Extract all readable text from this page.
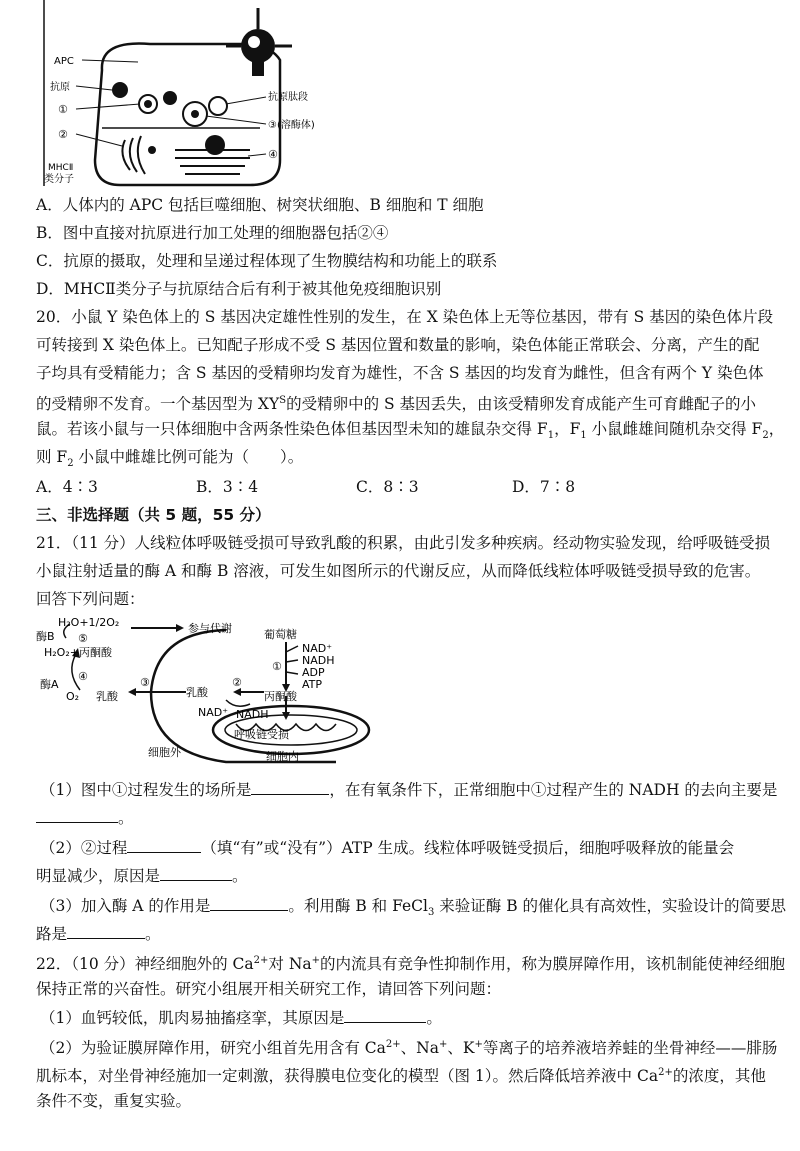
APC
抗原
①
②
MHCⅡ
类分子
抗原肽段
③(溶酶体)
④
A．人体内的 APC 包括巨噬细胞、树突状细胞、B 细胞和 T 细胞
B．图中直接对抗原进行加工处理的细胞器包括②④
C．抗原的摄取，处理和呈递过程体现了生物膜结构和功能上的联系
D．MHCⅡ类分子与抗原结合后有利于被其他免疫细胞识别
20．小鼠 Y 染色体上的 S 基因决定雄性性别的发生，在 X 染色体上无等位基因，带有 S 基因的染色体片段
可转接到 X 染色体上。已知配子形成不受 S 基因位置和数量的影响，染色体能正常联会、分离，产生的配
子均具有受精能力；含 S 基因的受精卵均发育为雄性，不含 S 基因的均发育为雌性，但含有两个 Y 染色体
的受精卵不发育。一个基因型为 $XY^S$的受精卵中的 S 基因丢失，由该受精卵发育成能产生可育雌配子的小
鼠。若该小鼠与一只体细胞中含两条性染色体但基因型未知的雄鼠杂交得 $F_1$，$F_1$ 小鼠雌雄间随机杂交得 $F_2$，
则 $F_2$ 小鼠中雌雄比例可能为（　　）。
A．4∶3	B．3∶4	C．8∶3	D．7∶8
三、非选择题（共 5 题，55 分）
21．（11 分）人线粒体呼吸链受损可导致乳酸的积累，由此引发多种疾病。经动物实验发现，给呼吸链受损
小鼠注射适量的酶 A 和酶 B 溶液，可发生如图所示的代谢反应，从而降低线粒体呼吸链受损导致的危害。
回答下列问题：
酶B
H₂O+1/2O₂
⑤
H₂O₂+丙酮酸
参与代谢	葡萄糖
NAD⁺
NADH
ADP
ATP
①
酶A
④
O₂ 乳酸
③
乳酸
②
丙酮酸
NAD⁺ NADH
呼吸链受损
细胞内
细胞外
（1）图中①过程发生的场所是	，在有氧条件下，正常细胞中①过程产生的 NADH 的去向主要是
。
（2）②过程	（填“有”或“没有”）ATP 生成。线粒体呼吸链受损后，细胞呼吸释放的能量会
明显减少，原因是	。
（3）加入酶 A 的作用是	。利用酶 B 和 FeCl$_3$ 来验证酶 B 的催化具有高效性，实验设计的简要思
路是	。
22．（10 分）神经细胞外的 $Ca^{2+}$对 Na+的内流具有竞争性抑制作用，称为膜屏障作用，该机制能使神经细胞
保持正常的兴奋性。研究小组展开相关研究工作，请回答下列问题：
（1）血钙较低，肌肉易抽搐痉挛，其原因是	。
（2）为验证膜屏障作用，研究小组首先用含有 $Ca^{2+}$、Na+、K+等离子的培养液培养蛙的坐骨神经——腓肠
肌标本，对坐骨神经施加一定刺激，获得膜电位变化的模型（图 1）。然后降低培养液中 $Ca^{2+}$的浓度，其他
条件不变，重复实验。
